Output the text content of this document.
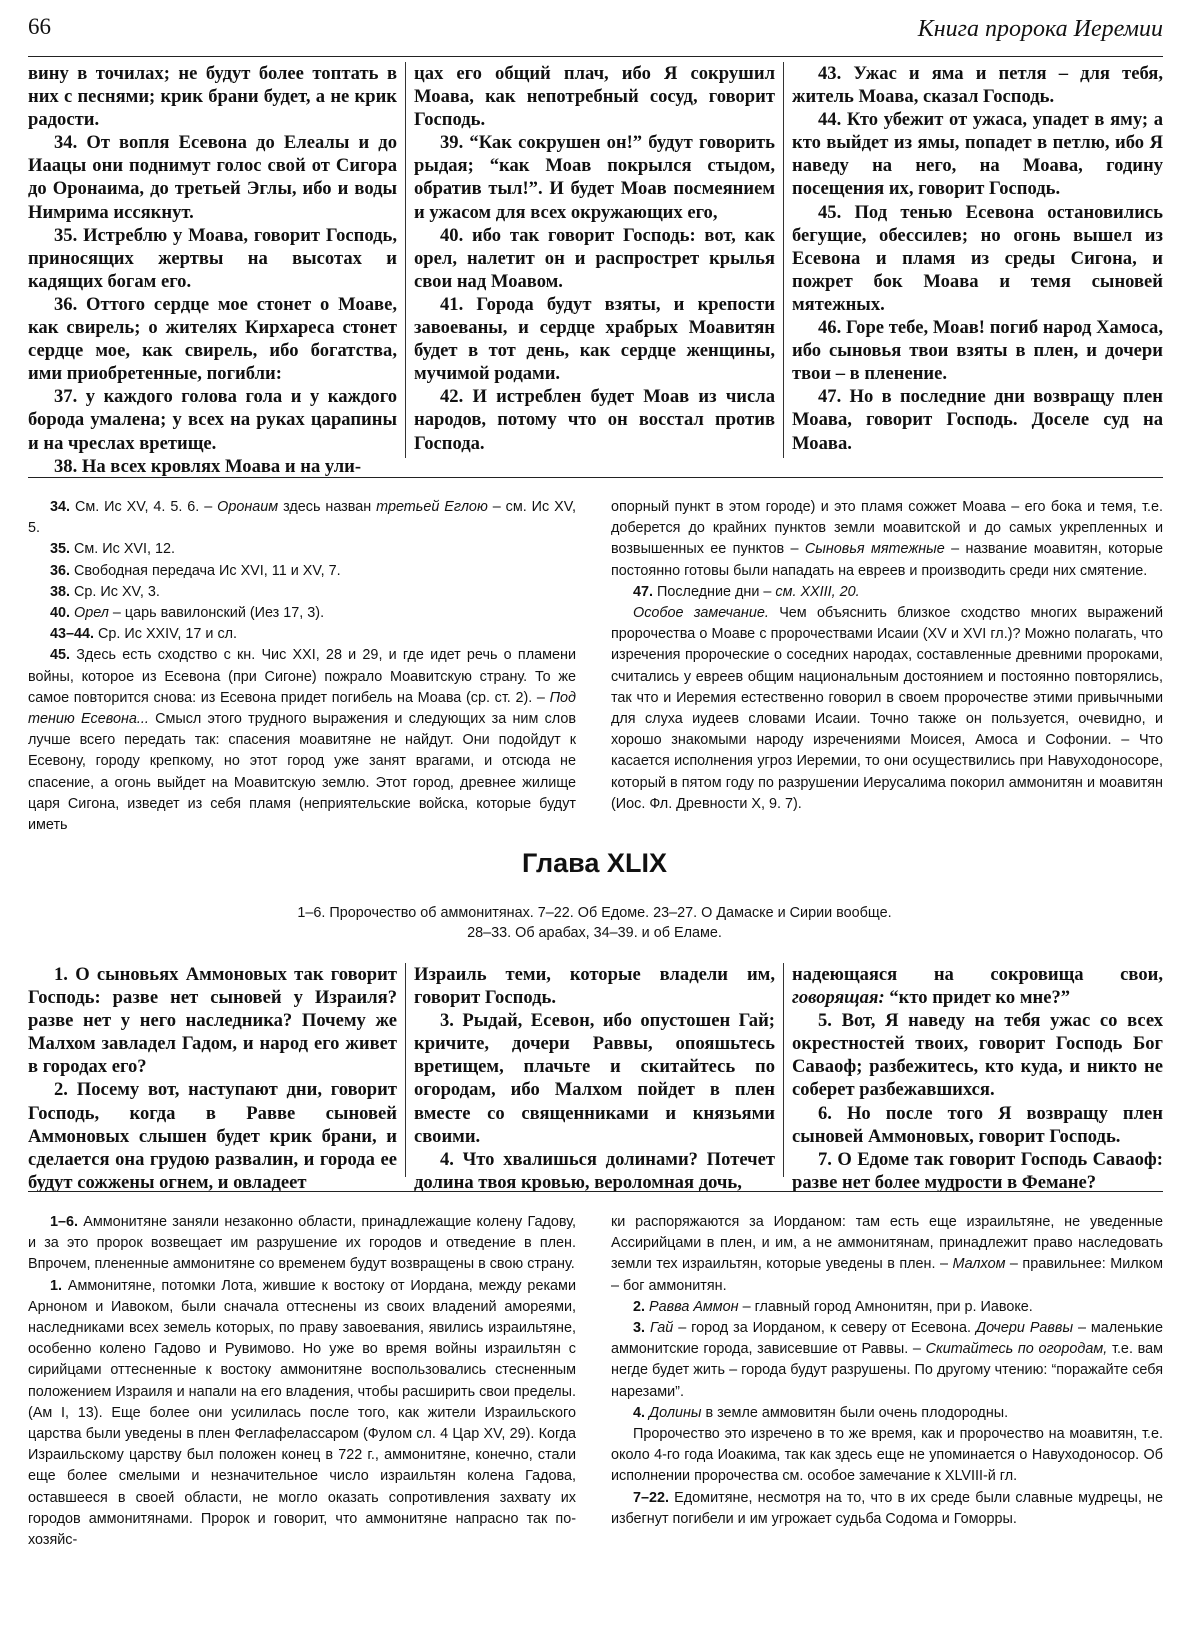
66	Книга пророка Иеремии

вину в точилах; не будут более топтать в них с песнями; крик брани будет, а не крик радости.

34. От вопля Есевона до Елеалы и до Иаацы они поднимут голос свой от Сигора до Оронаима, до третьей Эглы, ибо и воды Нимрима иссякнут.

35. Истреблю у Моава, говорит Господь, приносящих жертвы на высотах и кадящих богам его.

36. Оттого сердце мое стонет о Моаве, как свирель; о жителях Кирхареса стонет сердце мое, как свирель, ибо богатства, ими приобретенные, погибли:

37. у каждого голова гола и у каждого борода умалена; у всех на руках царапины и на чреслах вретище.

38. На всех кровлях Моава и на ули-

цах его общий плач, ибо Я сокрушил Моава, как непотребный сосуд, говорит Господь.

39. “Как сокрушен он!” будут говорить рыдая; “как Моав покрылся стыдом, обратив тыл!”. И будет Моав посмеянием и ужасом для всех окружающих его,

40. ибо так говорит Господь: вот, как орел, налетит он и распрострет крылья свои над Моавом.

41. Города будут взяты, и крепости завоеваны, и сердце храбрых Моавитян будет в тот день, как сердце женщины, мучимой родами.

42. И истреблен будет Моав из числа народов, потому что он восстал против Господа.

43. Ужас и яма и петля – для тебя, житель Моава, сказал Господь.

44. Кто убежит от ужаса, упадет в яму; а кто выйдет из ямы, попадет в петлю, ибо Я наведу на него, на Моава, годину посещения их, говорит Господь.

45. Под тенью Есевона остановились бегущие, обессилев; но огонь вышел из Есевона и пламя из среды Сигона, и пожрет бок Моава и темя сыновей мятежных.

46. Горе тебе, Моав! погиб народ Хамоса, ибо сыновья твои взяты в плен, и дочери твои – в пленение.

47. Но в последние дни возвращу плен Моава, говорит Господь. Доселе суд на Моава.

34. См. Ис XV, 4. 5. 6. – Оронаим здесь назван третьей Еглою – см. Ис XV, 5.

35. См. Ис XVI, 12.

36. Свободная передача Ис XVI, 11 и XV, 7.

38. Ср. Ис XV, 3.

40. Орел – царь вавилонский (Иез 17, 3).

43–44. Ср. Ис XXIV, 17 и сл.

45. Здесь есть сходство с кн. Чис XXI, 28 и 29, и где идет речь о пламени войны, которое из Есевона (при Сигоне) пожрало Моавитскую страну. То же самое повторится снова: из Есевона придет погибель на Моава (ср. ст. 2). – Под тению Есевона... Смысл этого трудного выражения и следующих за ним слов лучше всего передать так: спасения моавитяне не найдут. Они подойдут к Есевону, городу крепкому, но этот город уже занят врагами, и отсюда не спасение, а огонь выйдет на Моавитскую землю. Этот город, древнее жилище царя Сигона, изведет из себя пламя (неприятельские войска, которые будут иметь

опорный пункт в этом городе) и это пламя сожжет Моава – его бока и темя, т.е. доберется до крайних пунктов земли моавитской и до самых укрепленных и возвышенных ее пунктов – Сыновья мятежные – название моавитян, которые постоянно готовы были нападать на евреев и производить среди них смятение.

47. Последние дни – см. XXIII, 20.

Особое замечание. Чем объяснить близкое сходство многих выражений пророчества о Моаве с пророчествами Исаии (XV и XVI гл.)? Можно полагать, что изречения пророческие о соседних народах, составленные древними пророками, считались у евреев общим национальным достоянием и постоянно повторялись, так что и Иеремия естественно говорил в своем пророчестве этими привычными для слуха иудеев словами Исаии. Точно также он пользуется, очевидно, и хорошо знакомыми народу изречениями Моисея, Амоса и Софонии. – Что касается исполнения угроз Иеремии, то они осуществились при Навуходоносоре, который в пятом году по разрушении Иерусалима покорил аммонитян и моавитян (Иос. Фл. Древности X, 9. 7).

Глава XLIX
1–6. Пророчество об аммонитянах. 7–22. Об Едоме. 23–27. О Дамаске и Сирии вообще.
28–33. Об арабах, 34–39. и об Еламе.

1. О сыновьях Аммоновых так говорит Господь: разве нет сыновей у Израиля? разве нет у него наследника? Почему же Малхом завладел Гадом, и народ его живет в городах его?

2. Посему вот, наступают дни, говорит Господь, когда в Равве сыновей Аммоновых слышен будет крик брани, и сделается она грудою развалин, и города ее будут сожжены огнем, и овладеет

Израиль теми, которые владели им, говорит Господь.

3. Рыдай, Есевон, ибо опустошен Гай; кричите, дочери Раввы, опояшьтесь вретищем, плачьте и скитайтесь по огородам, ибо Малхом пойдет в плен вместе со священниками и князьями своими.

4. Что хвалишься долинами? Потечет долина твоя кровью, вероломная дочь,

надеющаяся на сокровища свои, говорящая: “кто придет ко мне?”

5. Вот, Я наведу на тебя ужас со всех окрестностей твоих, говорит Господь Бог Саваоф; разбежитесь, кто куда, и никто не соберет разбежавшихся.

6. Но после того Я возвращу плен сыновей Аммоновых, говорит Господь.

7. О Едоме так говорит Господь Саваоф: разве нет более мудрости в Фемане?

1–6. Аммонитяне заняли незаконно области, принадлежащие колену Гадову, и за это пророк возвещает им разрушение их городов и отведение в плен. Впрочем, плененные аммонитяне со временем будут возвращены в свою страну.

1. Аммонитяне, потомки Лота, жившие к востоку от Иордана, между реками Арноном и Иавоком, были сначала оттеснены из своих владений амореями, наследниками всех земель которых, по праву завоевания, явились израильтяне, особенно колено Гадово и Рувимово. Но уже во время войны израильтян с сирийцами оттесненные к востоку аммонитяне воспользовались стесненным положением Израиля и напали на его владения, чтобы расширить свои пределы. (Ам I, 13). Еще более они усилилась после того, как жители Израильского царства были уведены в плен Феглафелассаром (Фулом сл. 4 Цар XV, 29). Когда Израильскому царству был положен конец в 722 г., аммонитяне, конечно, стали еще более смелыми и незначительное число израильтян колена Гадова, оставшееся в своей области, не могло оказать сопротивления захвату их городов аммонитянами. Пророк и говорит, что аммонитяне напрасно так по-хозяйс-

ки распоряжаются за Иорданом: там есть еще израильтяне, не уведенные Ассирийцами в плен, и им, а не аммонитянам, принадлежит право наследовать земли тех израильтян, которые уведены в плен. – Малхом – правильнее: Милком – бог аммонитян.

2. Равва Аммон – главный город Амнонитян, при р. Иавоке.

3. Гай – город за Иорданом, к северу от Есевона. Дочери Раввы – маленькие аммонитские города, зависевшие от Раввы. – Скитайтесь по огородам, т.е. вам негде будет жить – города будут разрушены. По другому чтению: “поражайте себя нарезами”.

4. Долины в земле аммовитян были очень плодородны.

Пророчество это изречено в то же время, как и пророчество на моавитян, т.е. около 4-го года Иоакима, так как здесь еще не упоминается о Навуходоносор. Об исполнении пророчества см. особое замечание к XLVIII-й гл.

7–22. Едомитяне, несмотря на то, что в их среде были славные мудрецы, не избегнут погибели и им угрожает судьба Содома и Гоморры.
